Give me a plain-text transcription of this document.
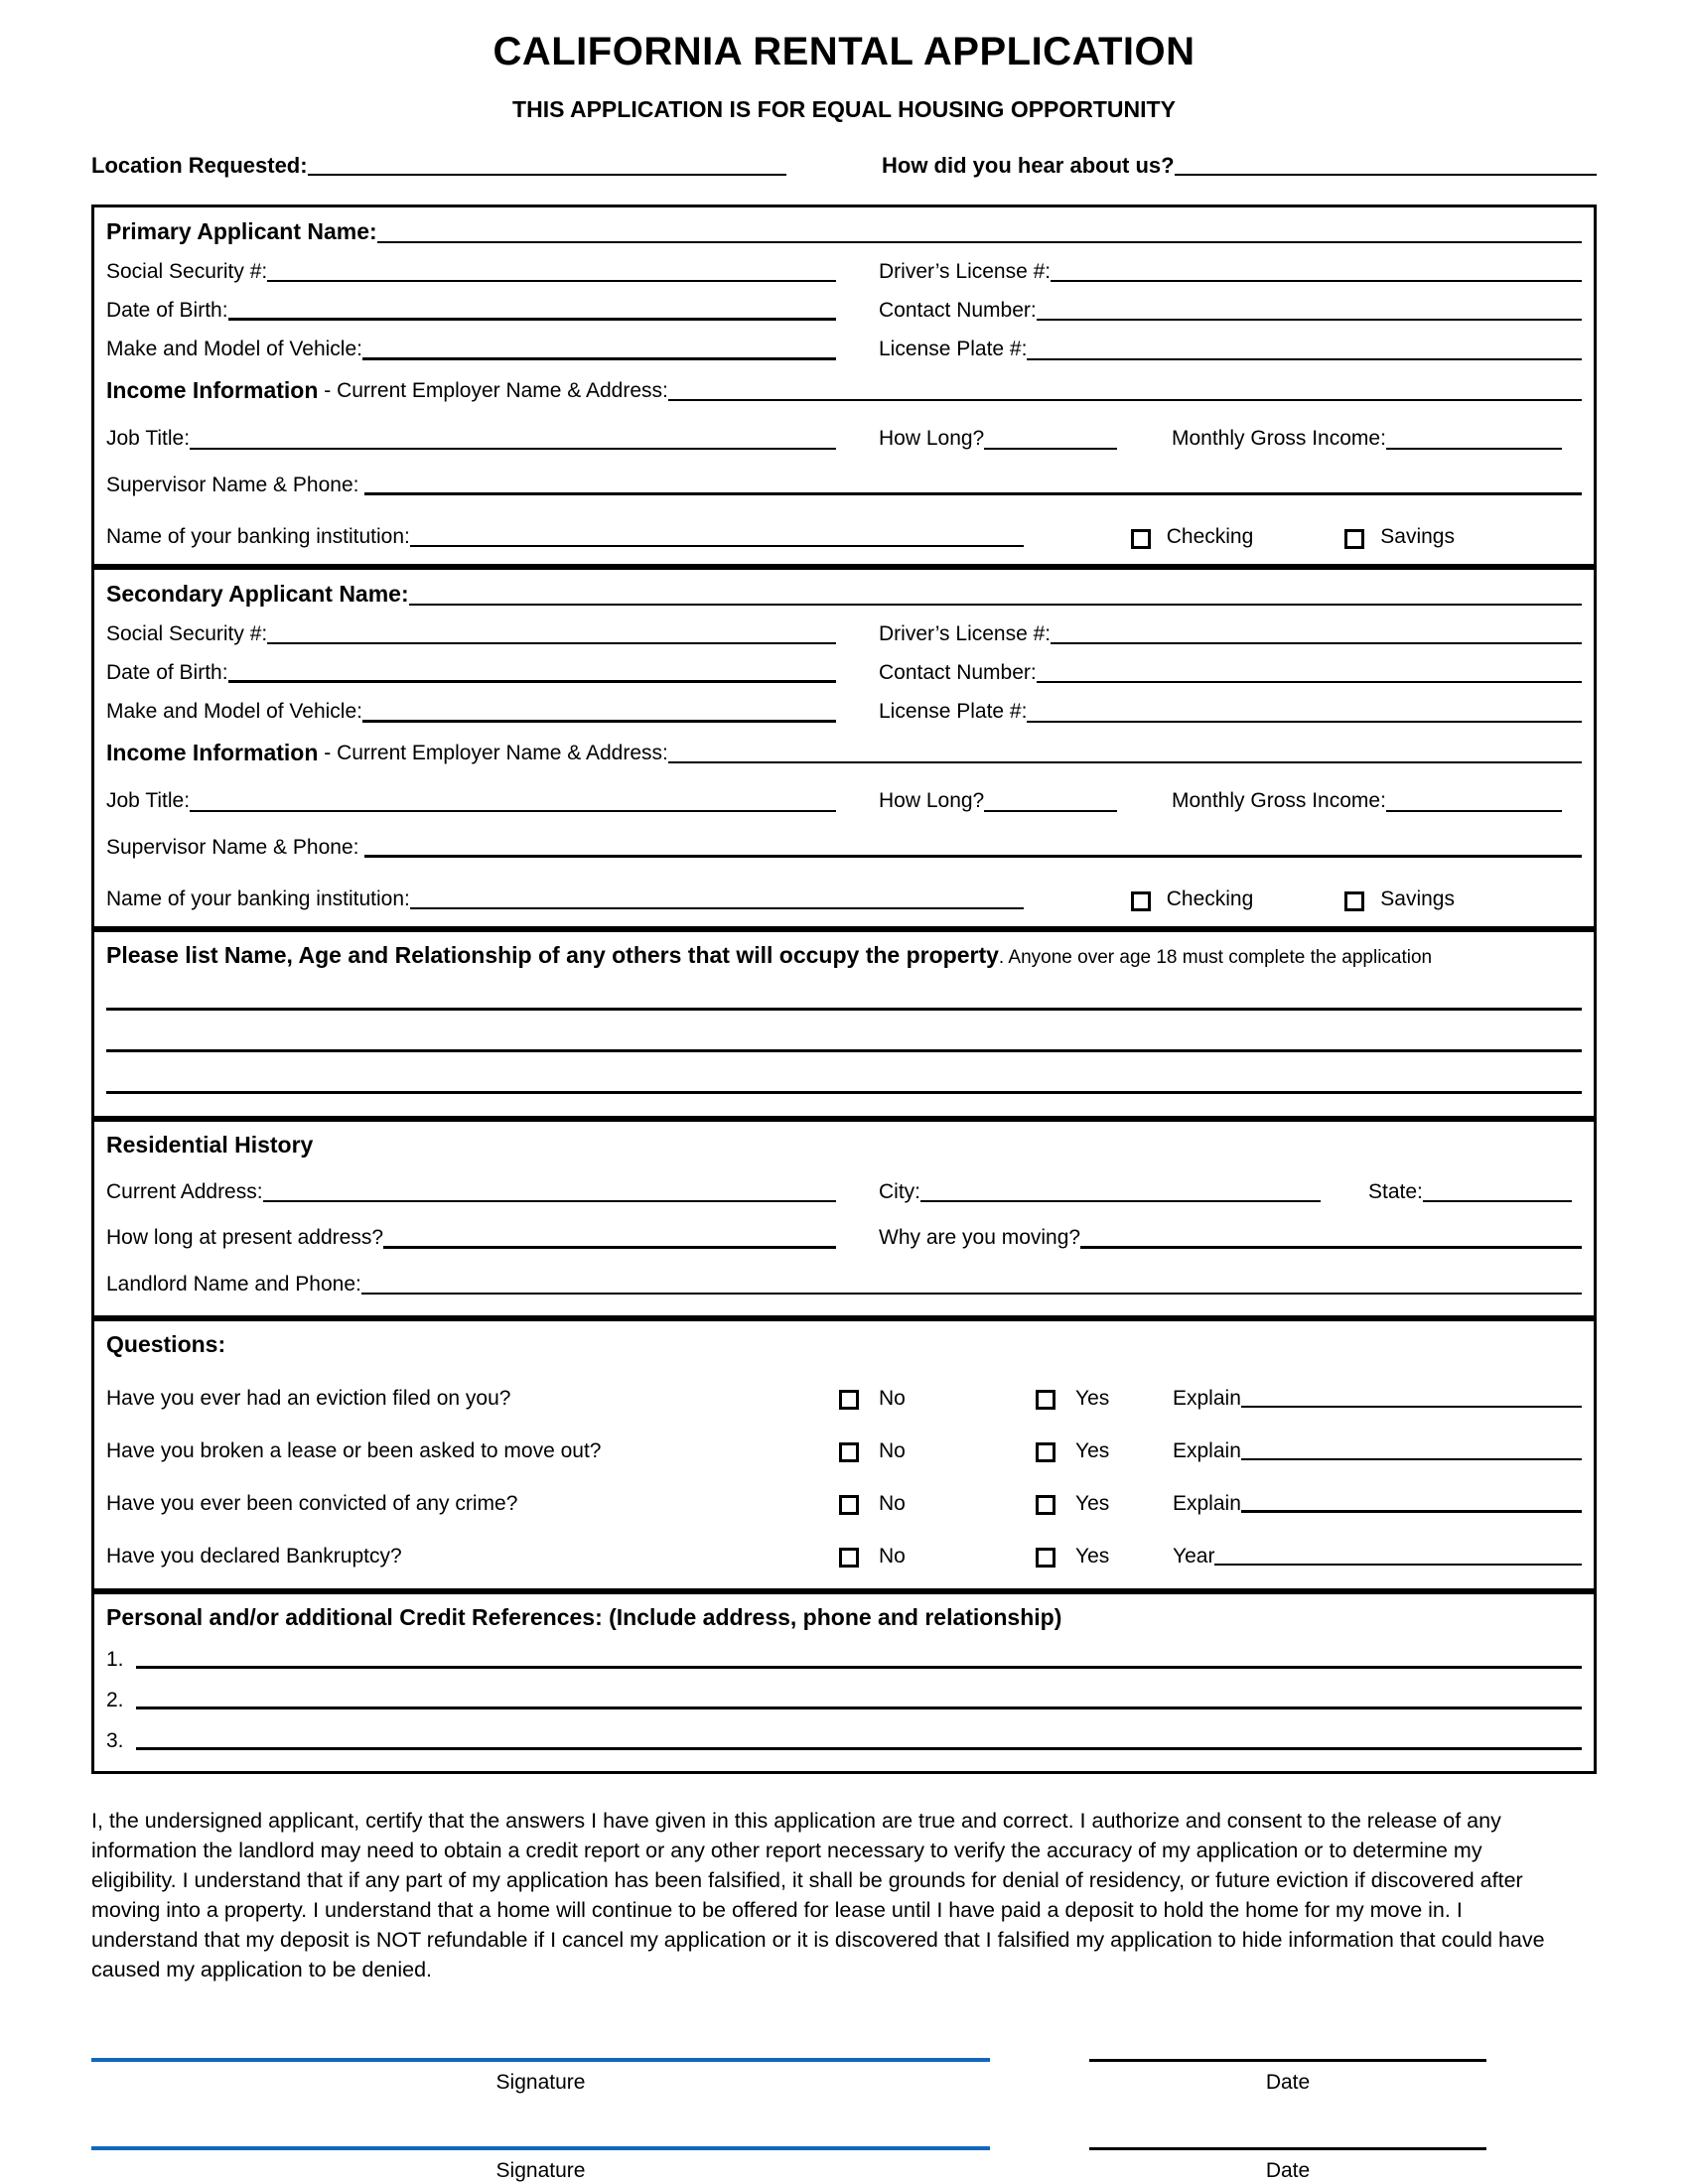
CALIFORNIA RENTAL APPLICATION
THIS APPLICATION IS FOR EQUAL HOUSING OPPORTUNITY
Location Requested:	How did you hear about us?
Primary Applicant Name:
Social Security #:	Driver’s License #:
Date of Birth:	Contact Number:
Make and Model of Vehicle:	License Plate #:
Income Information - Current Employer Name & Address:
Job Title:	How Long?	Monthly Gross Income:
Supervisor Name & Phone:
Name of your banking institution:	Checking	Savings
Secondary Applicant Name:
Social Security #:	Driver’s License #:
Date of Birth:	Contact Number:
Make and Model of Vehicle:	License Plate #:
Income Information - Current Employer Name & Address:
Job Title:	How Long?	Monthly Gross Income:
Supervisor Name & Phone:
Name of your banking institution:	Checking	Savings
Please list Name, Age and Relationship of any others that will occupy the property. Anyone over age 18 must complete the application
Residential History
Current Address:	City:	State:
How long at present address?	Why are you moving?
Landlord Name and Phone:
Questions:
Have you ever had an eviction filed on you?	No	Yes	Explain
Have you broken a lease or been asked to move out?	No	Yes	Explain
Have you ever been convicted of any crime?	No	Yes	Explain
Have you declared Bankruptcy?	No	Yes	Year
Personal and/or additional Credit References: (Include address, phone and relationship)
1.
2.
3.

I, the undersigned applicant, certify that the answers I have given in this application are true and correct. I authorize and consent to the release of any information the landlord may need to obtain a credit report or any other report necessary to verify the accuracy of my application or to determine my eligibility. I understand that if any part of my application has been falsified, it shall be grounds for denial of residency, or future eviction if discovered after moving into a property. I understand that a home will continue to be offered for lease until I have paid a deposit to hold the home for my move in. I understand that my deposit is NOT refundable if I cancel my application or it is discovered that I falsified my application to hide information that could have caused my application to be denied.

Signature	Date
Signature	Date
